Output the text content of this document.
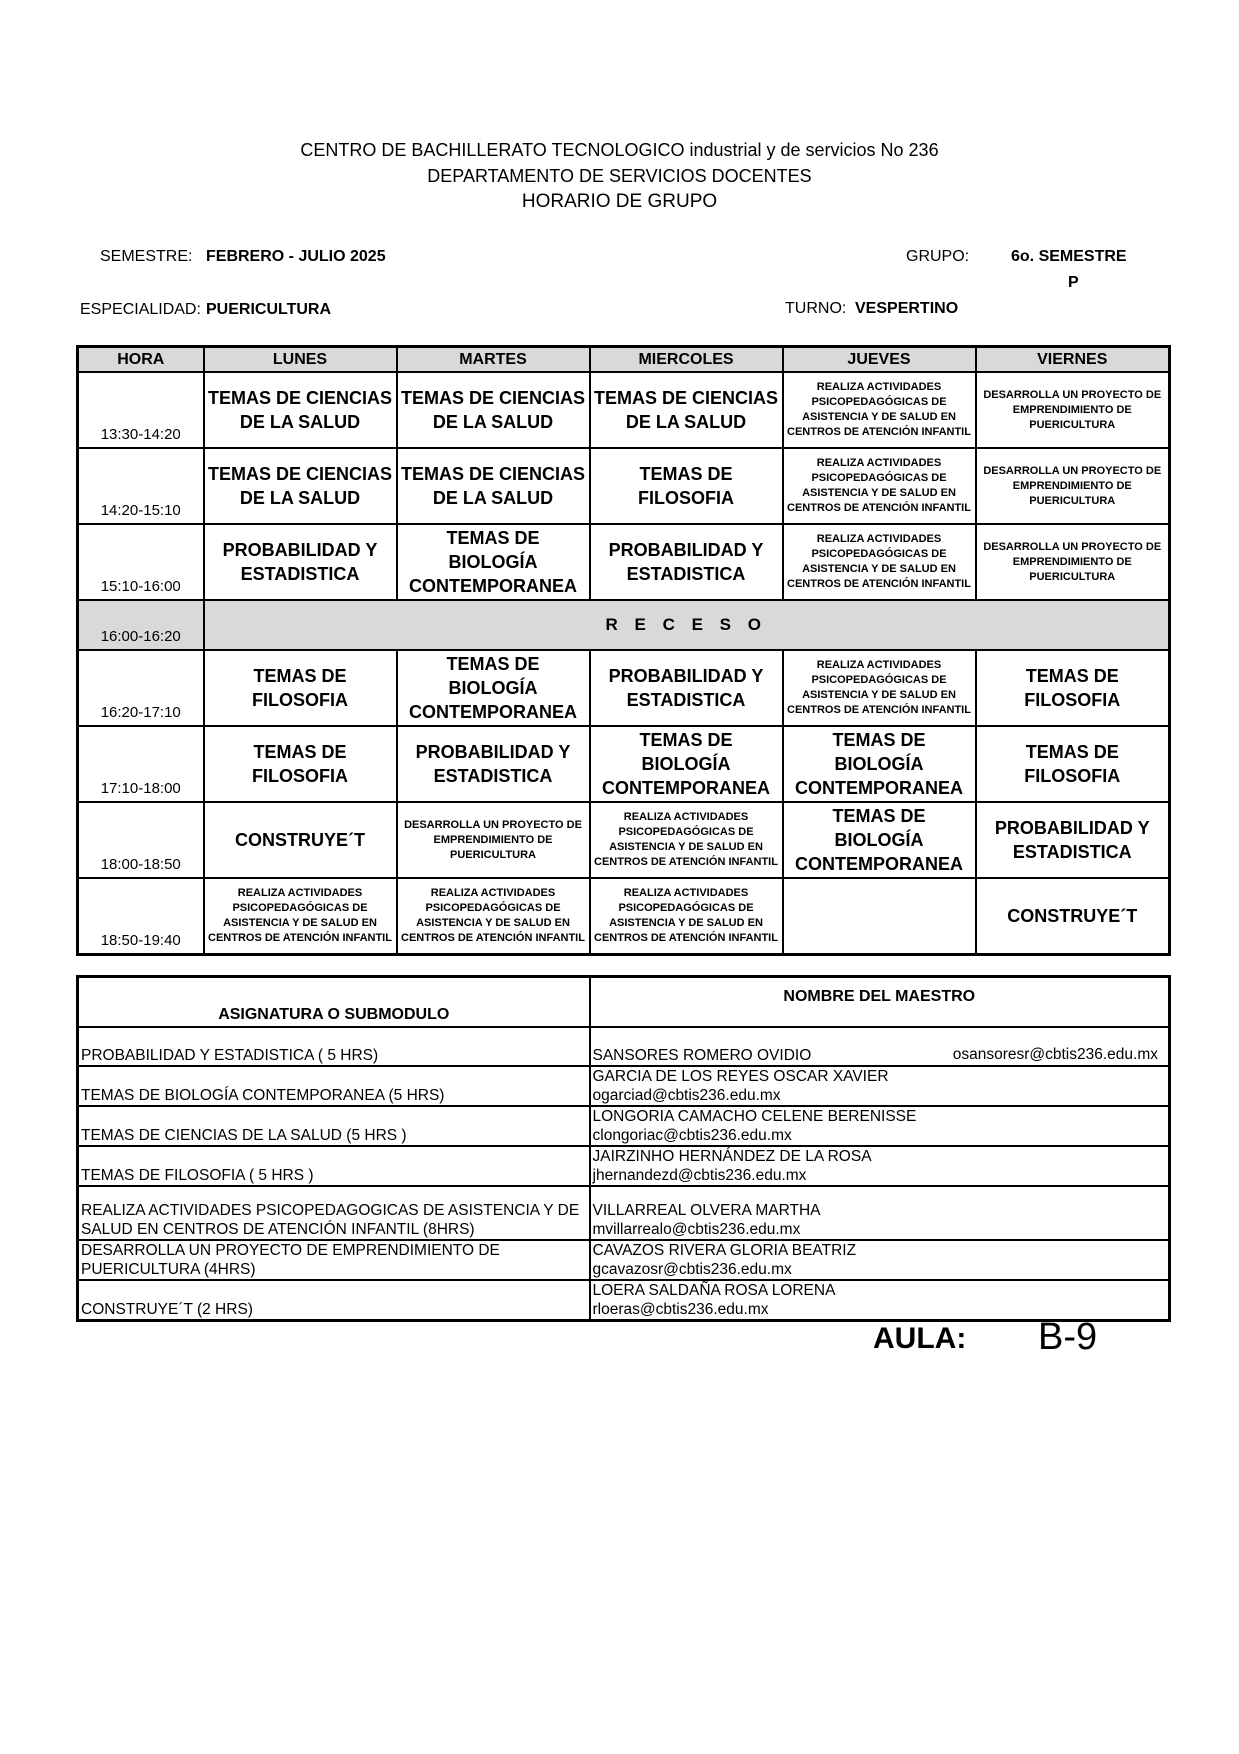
CENTRO DE BACHILLERATO TECNOLOGICO industrial y de servicios No 236
DEPARTAMENTO DE SERVICIOS DOCENTES
HORARIO DE GRUPO
SEMESTRE: FEBRERO - JULIO 2025	GRUPO:	6o. SEMESTRE
P
ESPECIALIDAD: PUERICULTURA	TURNO: VESPERTINO
HORA	LUNES	MARTES	MIERCOLES	JUEVES	VIERNES
13:30-14:20	TEMAS DE CIENCIAS DE LA SALUD	TEMAS DE CIENCIAS DE LA SALUD	TEMAS DE CIENCIAS DE LA SALUD	REALIZA ACTIVIDADES PSICOPEDAGÓGICAS DE ASISTENCIA Y DE SALUD EN CENTROS DE ATENCIÓN INFANTIL	DESARROLLA UN PROYECTO DE EMPRENDIMIENTO DE PUERICULTURA
14:20-15:10	TEMAS DE CIENCIAS DE LA SALUD	TEMAS DE CIENCIAS DE LA SALUD	TEMAS DE FILOSOFIA	REALIZA ACTIVIDADES PSICOPEDAGÓGICAS DE ASISTENCIA Y DE SALUD EN CENTROS DE ATENCIÓN INFANTIL	DESARROLLA UN PROYECTO DE EMPRENDIMIENTO DE PUERICULTURA
15:10-16:00	PROBABILIDAD Y ESTADISTICA	TEMAS DE BIOLOGÍA CONTEMPORANEA	PROBABILIDAD Y ESTADISTICA	REALIZA ACTIVIDADES PSICOPEDAGÓGICAS DE ASISTENCIA Y DE SALUD EN CENTROS DE ATENCIÓN INFANTIL	DESARROLLA UN PROYECTO DE EMPRENDIMIENTO DE PUERICULTURA
16:00-16:20	R E C E S O				
16:20-17:10	TEMAS DE FILOSOFIA	TEMAS DE BIOLOGÍA CONTEMPORANEA	PROBABILIDAD Y ESTADISTICA	REALIZA ACTIVIDADES PSICOPEDAGÓGICAS DE ASISTENCIA Y DE SALUD EN CENTROS DE ATENCIÓN INFANTIL	TEMAS DE FILOSOFIA
17:10-18:00	TEMAS DE FILOSOFIA	PROBABILIDAD Y ESTADISTICA	TEMAS DE BIOLOGÍA CONTEMPORANEA	TEMAS DE BIOLOGÍA CONTEMPORANEA	TEMAS DE FILOSOFIA
18:00-18:50	CONSTRUYE´T	DESARROLLA UN PROYECTO DE EMPRENDIMIENTO DE PUERICULTURA	REALIZA ACTIVIDADES PSICOPEDAGÓGICAS DE ASISTENCIA Y DE SALUD EN CENTROS DE ATENCIÓN INFANTIL	TEMAS DE BIOLOGÍA CONTEMPORANEA	PROBABILIDAD Y ESTADISTICA
18:50-19:40	REALIZA ACTIVIDADES PSICOPEDAGÓGICAS DE ASISTENCIA Y DE SALUD EN CENTROS DE ATENCIÓN INFANTIL	REALIZA ACTIVIDADES PSICOPEDAGÓGICAS DE ASISTENCIA Y DE SALUD EN CENTROS DE ATENCIÓN INFANTIL	REALIZA ACTIVIDADES PSICOPEDAGÓGICAS DE ASISTENCIA Y DE SALUD EN CENTROS DE ATENCIÓN INFANTIL		CONSTRUYE´T
ASIGNATURA O SUBMODULO	NOMBRE DEL MAESTRO
PROBABILIDAD Y ESTADISTICA ( 5 HRS)	SANSORES ROMERO OVIDIO osansoresr@cbtis236.edu.mx

TEMAS DE BIOLOGÍA CONTEMPORANEA (5 HRS)	GARCIA DE LOS REYES OSCAR XAVIER
ogarciad@cbtis236.edu.mx

TEMAS DE CIENCIAS DE LA SALUD (5 HRS )	LONGORIA CAMACHO CELENE BERENISSE
clongoriac@cbtis236.edu.mx

TEMAS DE FILOSOFIA ( 5 HRS )	JAIRZINHO HERNÁNDEZ DE LA ROSA
jhernandezd@cbtis236.edu.mx

REALIZA ACTIVIDADES PSICOPEDAGOGICAS DE ASISTENCIA Y DE SALUD EN CENTROS DE ATENCIÓN INFANTIL (8HRS)	VILLARREAL OLVERA MARTHA
mvillarrealo@cbtis236.edu.mx

DESARROLLA UN PROYECTO DE EMPRENDIMIENTO DE PUERICULTURA (4HRS)	CAVAZOS RIVERA GLORIA BEATRIZ
gcavazosr@cbtis236.edu.mx

CONSTRUYE´T (2 HRS)	LOERA SALDAÑA ROSA LORENA
rloeras@cbtis236.edu.mx
AULA: B-9
